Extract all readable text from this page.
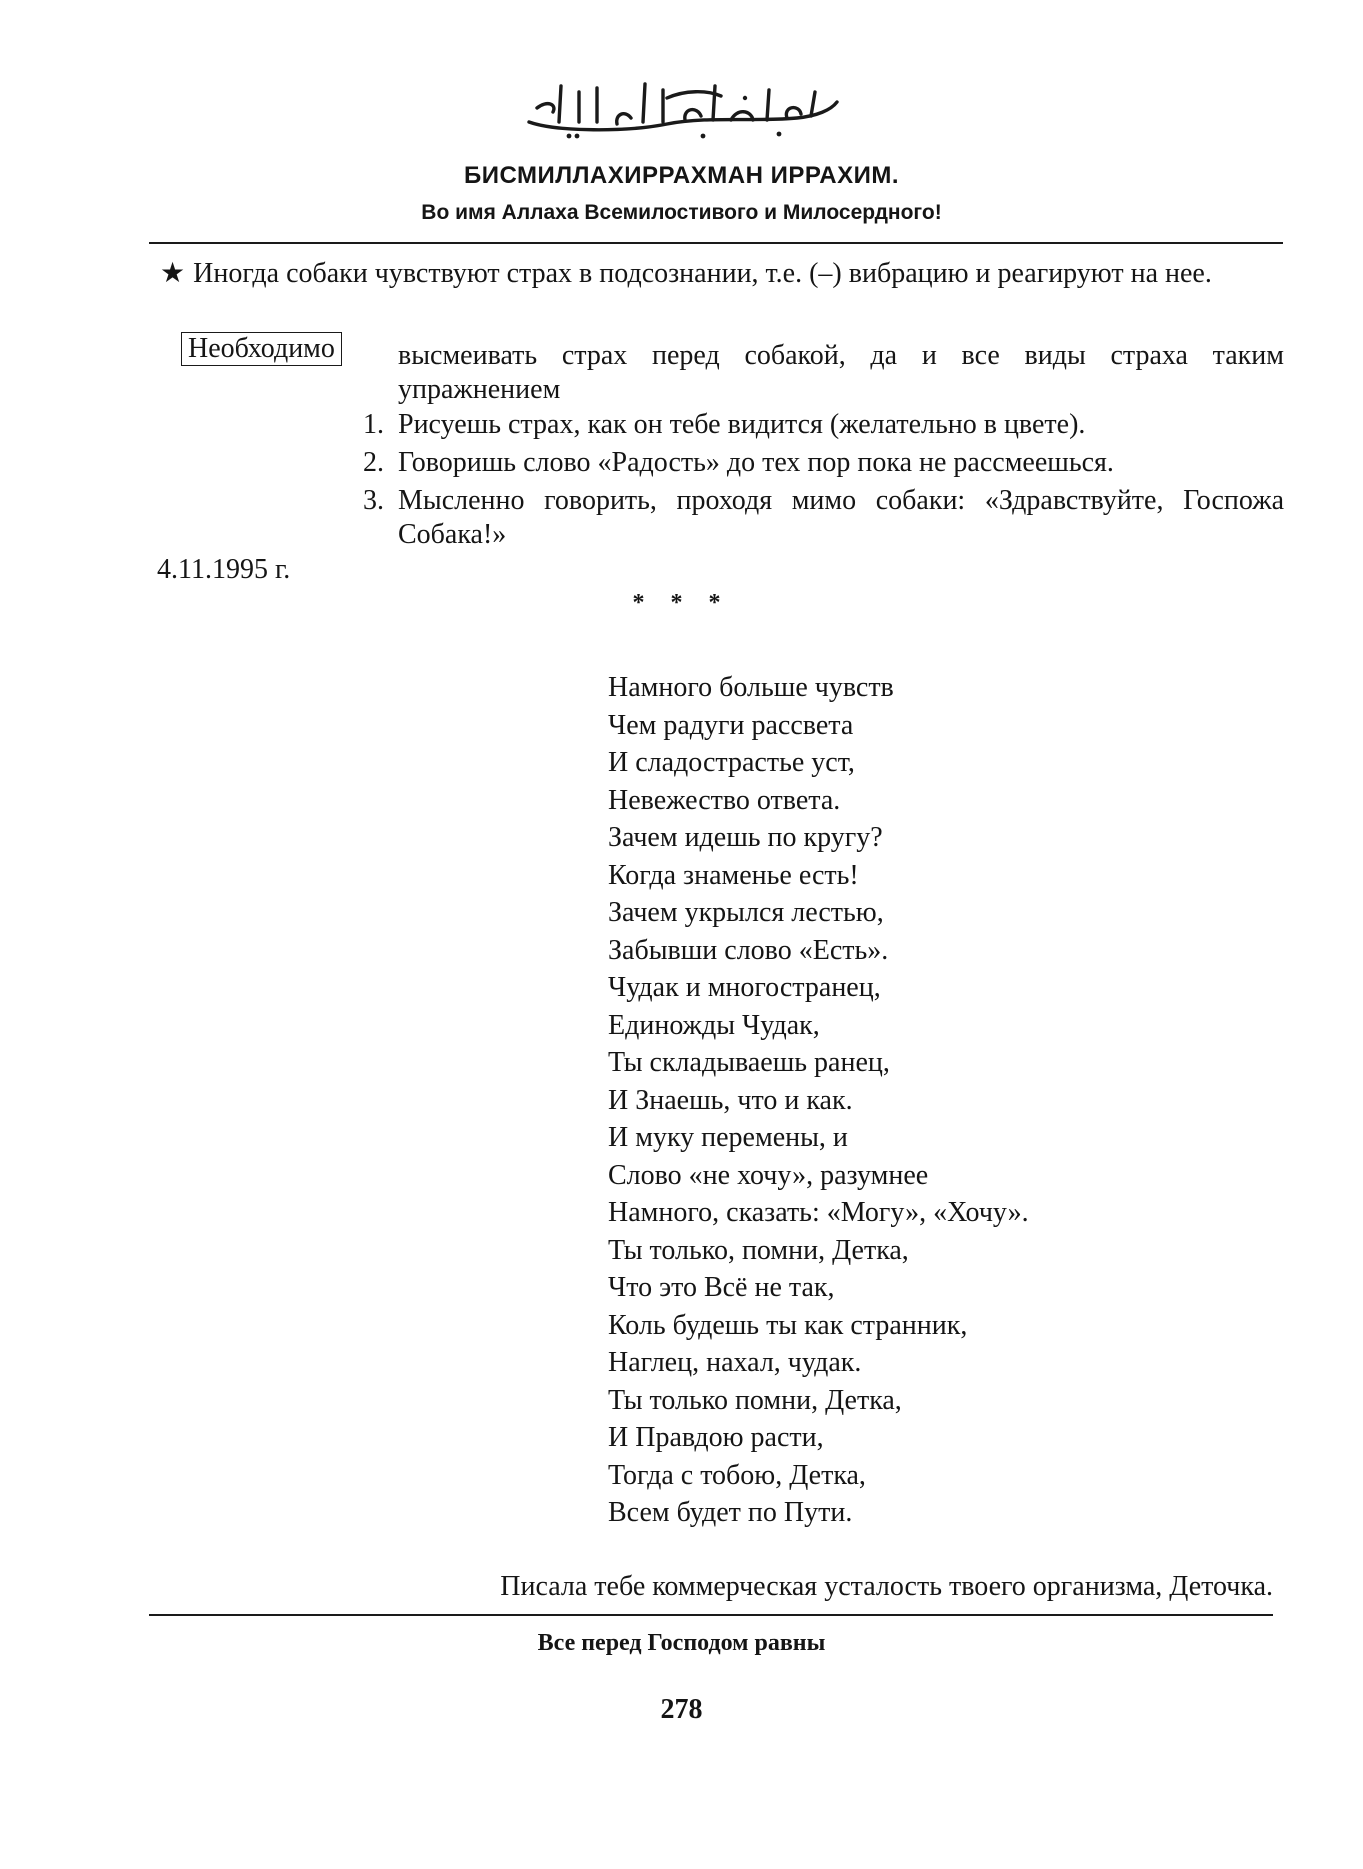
БИСМИЛЛАХИРРАХМАН ИРРАХИМ.
Во имя Аллаха Всемилостивого и Милосердного!
★ Иногда собаки чувствуют страх в подсознании, т.е. (–) вибрацию и реагируют на нее.
Необходимо высмеивать страх перед собакой, да и все виды страха таким упражнением
1. Рисуешь страх, как он тебе видится (желательно в цвете).
2. Говоришь слово «Радость» до тех пор пока не рассмеешься.
3. Мысленно говорить, проходя мимо собаки: «Здравствуйте, Госпожа Собака!»
4.11.1995 г.
* * *
Намного больше чувств
Чем радуги рассвета
И сладострастье уст,
Невежество ответа.
Зачем идешь по кругу?
Когда знаменье есть!
Зачем укрылся лестью,
Забывши слово «Есть».
Чудак и многостранец,
Единожды Чудак,
Ты складываешь ранец,
И Знаешь, что и как.
И муку перемены, и
Слово «не хочу», разумнее
Намного, сказать: «Могу», «Хочу».
Ты только, помни, Детка,
Что это Всё не так,
Коль будешь ты как странник,
Наглец, нахал, чудак.
Ты только помни, Детка,
И Правдою расти,
Тогда с тобою, Детка,
Всем будет по Пути.
Писала тебе коммерческая усталость твоего организма, Деточка.
Все перед Господом равны
278
